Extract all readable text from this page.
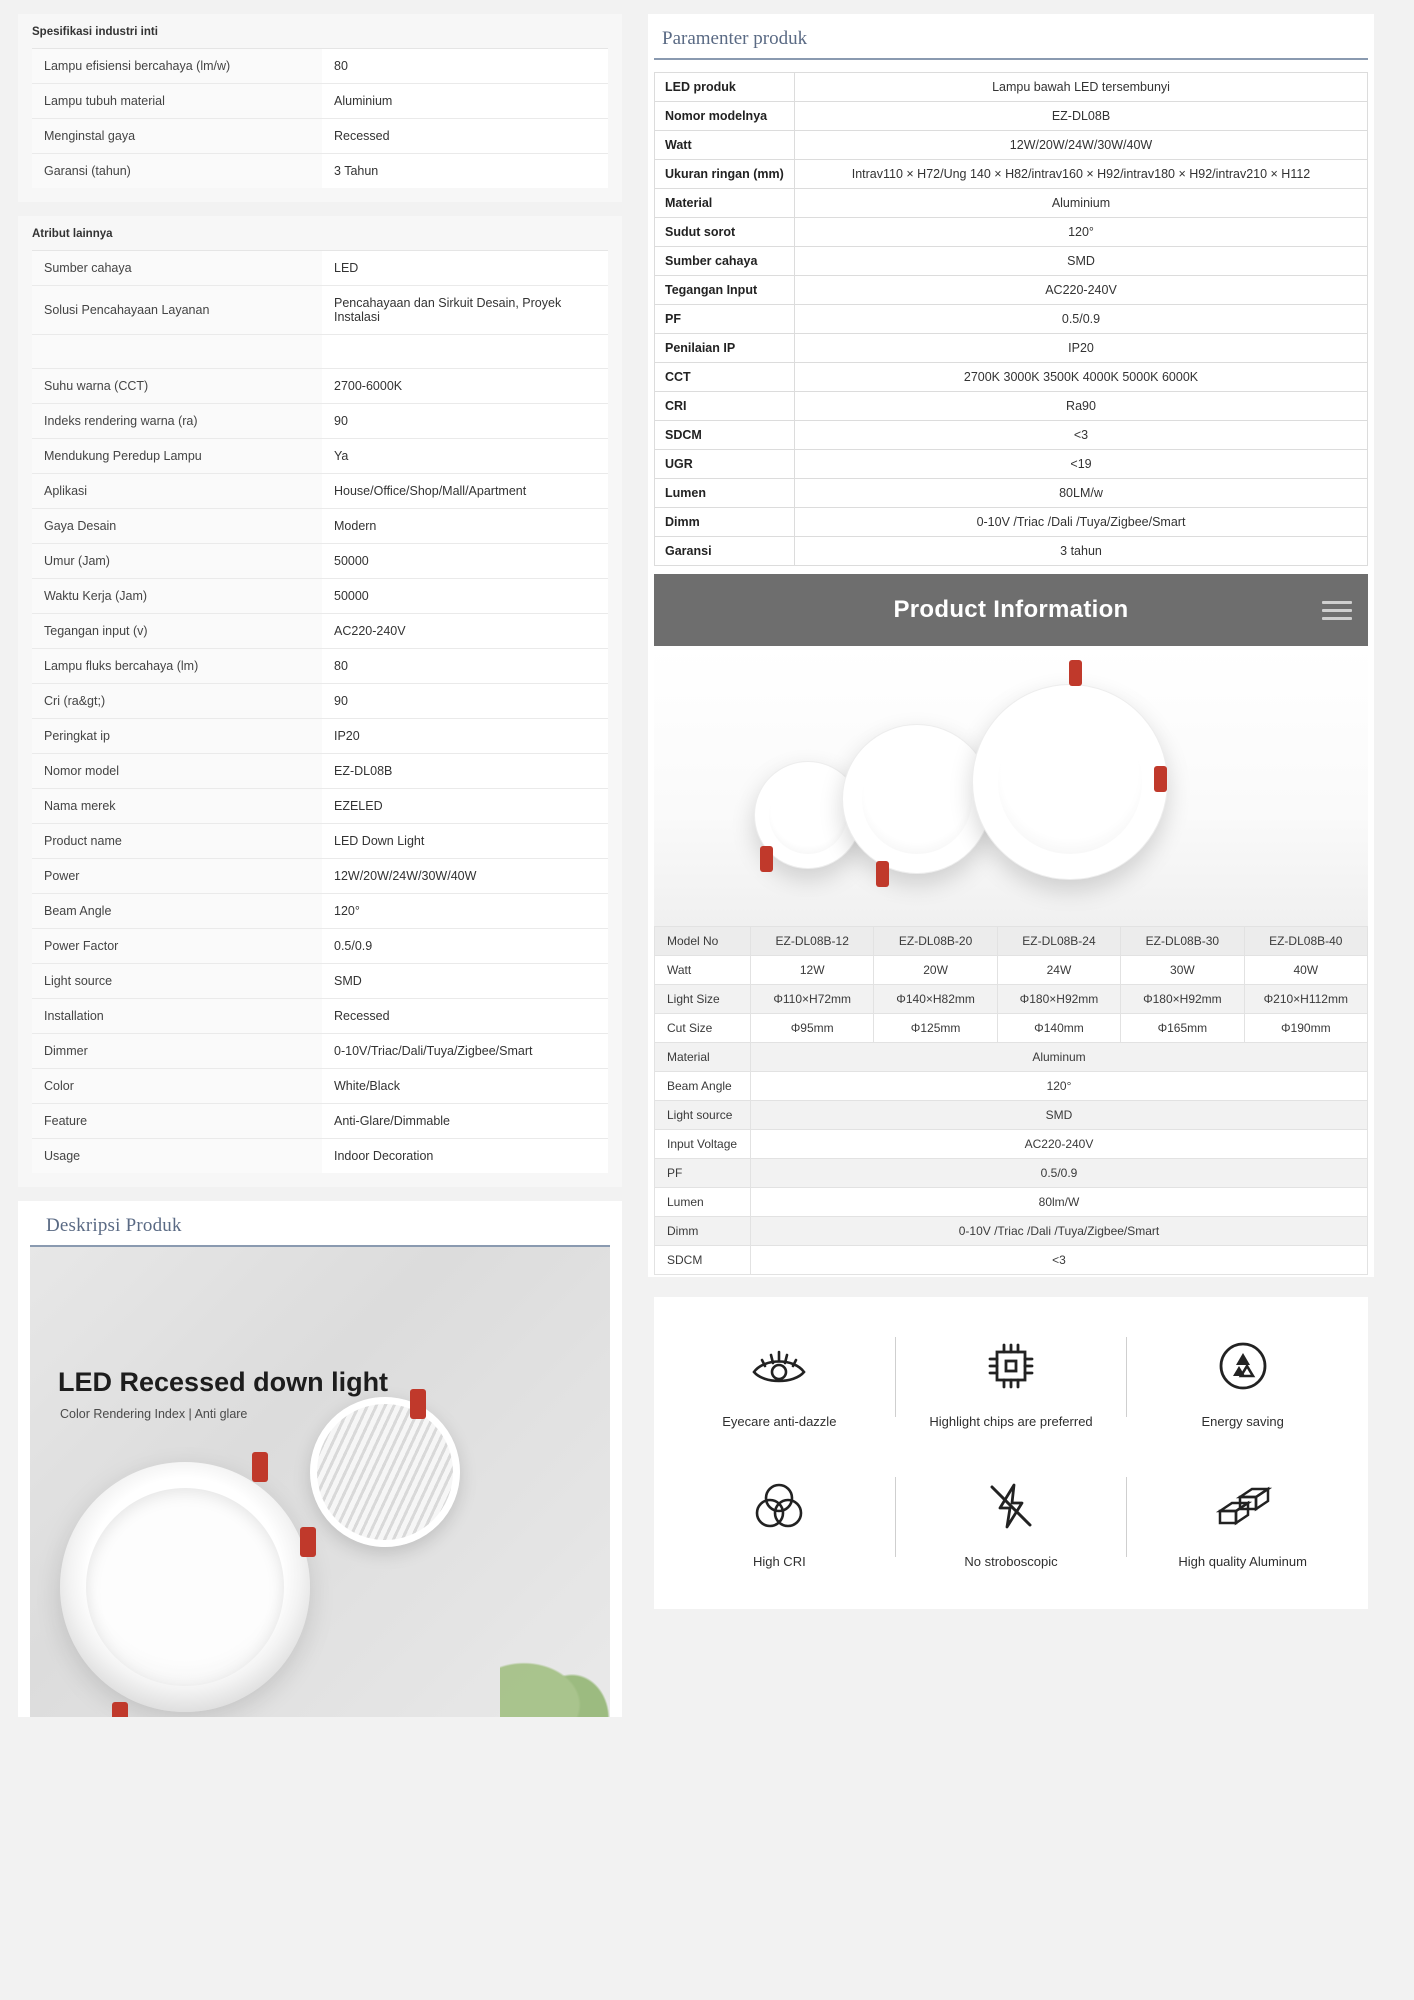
Spesifikasi industri inti
Lampu efisiensi bercahaya (lm/w)	80
Lampu tubuh material	Aluminium
Menginstal gaya	Recessed
Garansi (tahun)	3 Tahun
Atribut lainnya
Sumber cahaya	LED
Solusi Pencahayaan Layanan	Pencahayaan dan Sirkuit Desain, Proyek Instalasi

Suhu warna (CCT)	2700-6000K
Indeks rendering warna (ra)	90
Mendukung Peredup Lampu	Ya
Aplikasi	House/Office/Shop/Mall/Apartment
Gaya Desain	Modern
Umur (Jam)	50000
Waktu Kerja (Jam)	50000
Tegangan input (v)	AC220-240V
Lampu fluks bercahaya (lm)	80
Cri (ra&gt;)	90
Peringkat ip	IP20
Nomor model	EZ-DL08B
Nama merek	EZELED
Product name	LED Down Light
Power	12W/20W/24W/30W/40W
Beam Angle	120°
Power Factor	0.5/0.9
Light source	SMD
Installation	Recessed
Dimmer	0-10V/Triac/Dali/Tuya/Zigbee/Smart
Color	White/Black
Feature	Anti-Glare/Dimmable
Usage	Indoor Decoration
Deskripsi Produk
LED Recessed down light
Color Rendering Index | Anti glare
Paramenter produk
LED produk	Lampu bawah LED tersembunyi
Nomor modelnya	EZ-DL08B
Watt	12W/20W/24W/30W/40W
Ukuran ringan (mm)	Intrav110 × H72/Ung 140 × H82/intrav160 × H92/intrav180 × H92/intrav210 × H112
Material	Aluminium
Sudut sorot	120°
Sumber cahaya	SMD
Tegangan Input	AC220-240V
PF	0.5/0.9
Penilaian IP	IP20
CCT	2700K 3000K 3500K 4000K 5000K 6000K
CRI	Ra90
SDCM	<3
UGR	<19
Lumen	80LM/w
Dimm	0-10V /Triac /Dali /Tuya/Zigbee/Smart
Garansi	3 tahun
Product Information
Model No	EZ-DL08B-12	EZ-DL08B-20	EZ-DL08B-24	EZ-DL08B-30	EZ-DL08B-40
Watt	12W	20W	24W	30W	40W
Light Size	Φ110×H72mm	Φ140×H82mm	Φ180×H92mm	Φ180×H92mm	Φ210×H112mm
Cut Size	Φ95mm	Φ125mm	Φ140mm	Φ165mm	Φ190mm
Material	Aluminum				
Beam Angle	120°				
Light source	SMD				
Input Voltage	AC220-240V				
PF	0.5/0.9				
Lumen	80lm/W				
Dimm	0-10V /Triac /Dali /Tuya/Zigbee/Smart				
SDCM	<3				
Eyecare anti-dazzle	Highlight chips are preferred	Energy saving
High CRI	No stroboscopic	High quality Aluminum
